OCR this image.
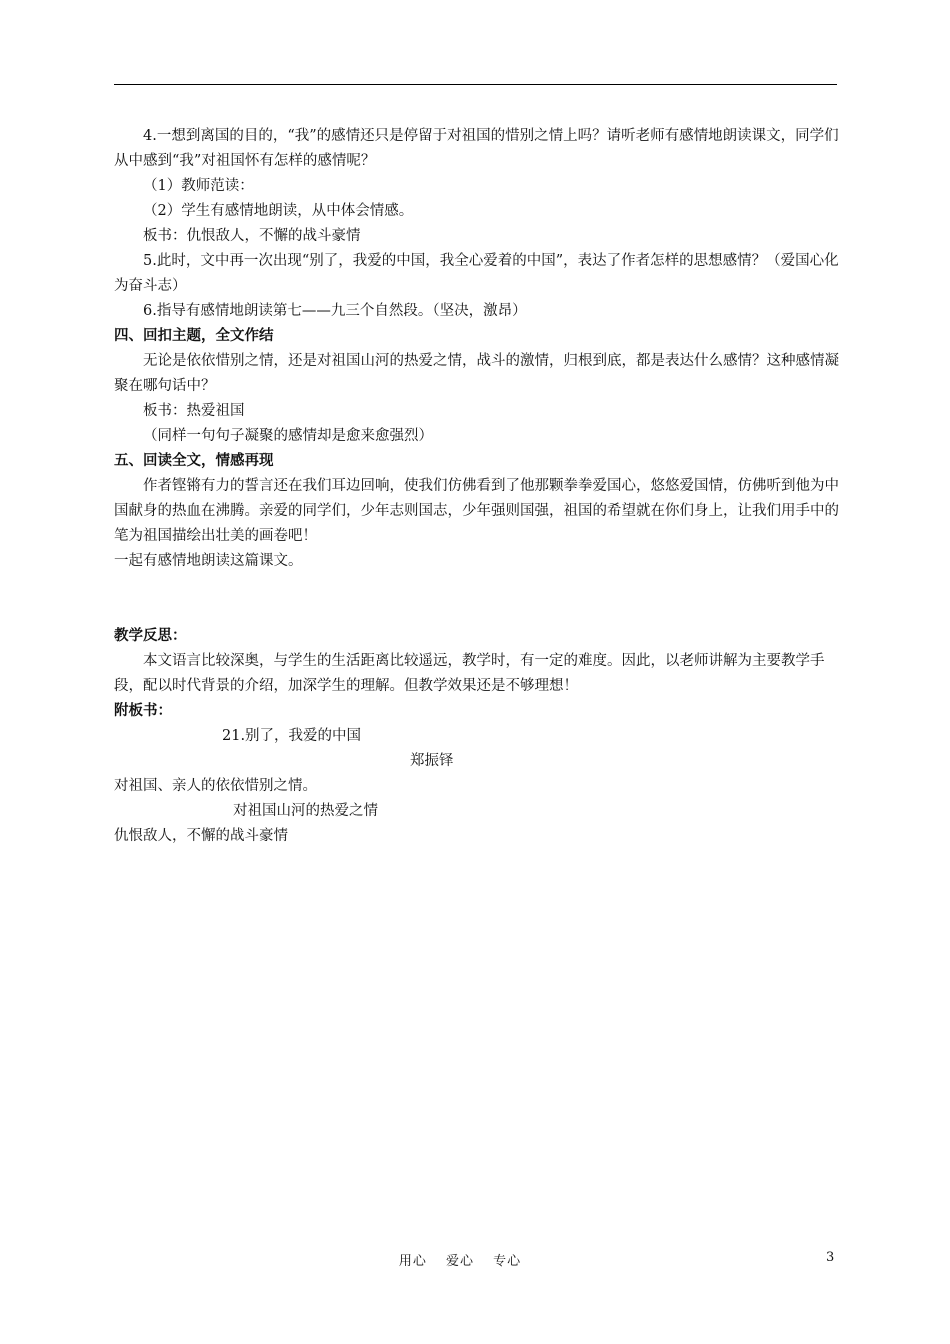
4.一想到离国的目的，“我”的感情还只是停留于对祖国的惜别之情上吗？请听老师有感情地朗读课文，同学们从中感到“我”对祖国怀有怎样的感情呢？

（1）教师范读：

（2）学生有感情地朗读，从中体会情感。

板书：仇恨敌人，不懈的战斗豪情

5.此时，文中再一次出现“别了，我爱的中国，我全心爱着的中国”，表达了作者怎样的思想感情？（爱国心化为奋斗志）

6.指导有感情地朗读第七——九三个自然段。（坚决，激昂）

四、回扣主题，全文作结

无论是依依惜别之情，还是对祖国山河的热爱之情，战斗的激情，归根到底，都是表达什么感情？这种感情凝聚在哪句话中？

板书：热爱祖国

（同样一句句子凝聚的感情却是愈来愈强烈）

五、回读全文，情感再现

作者铿锵有力的誓言还在我们耳边回响，使我们仿佛看到了他那颗拳拳爱国心，悠悠爱国情，仿佛听到他为中国献身的热血在沸腾。亲爱的同学们，少年志则国志，少年强则国强，祖国的希望就在你们身上，让我们用手中的笔为祖国描绘出壮美的画卷吧！

一起有感情地朗读这篇课文。

教学反思：

本文语言比较深奥，与学生的生活距离比较遥远，教学时，有一定的难度。因此，以老师讲解为主要教学手段，配以时代背景的介绍，加深学生的理解。但教学效果还是不够理想！

附板书：

21.别了，我爱的中国

郑振铎

对祖国、亲人的依依惜别之情。

对祖国山河的热爱之情

仇恨敌人，不懈的战斗豪情

用心　 爱心　 专心	3
